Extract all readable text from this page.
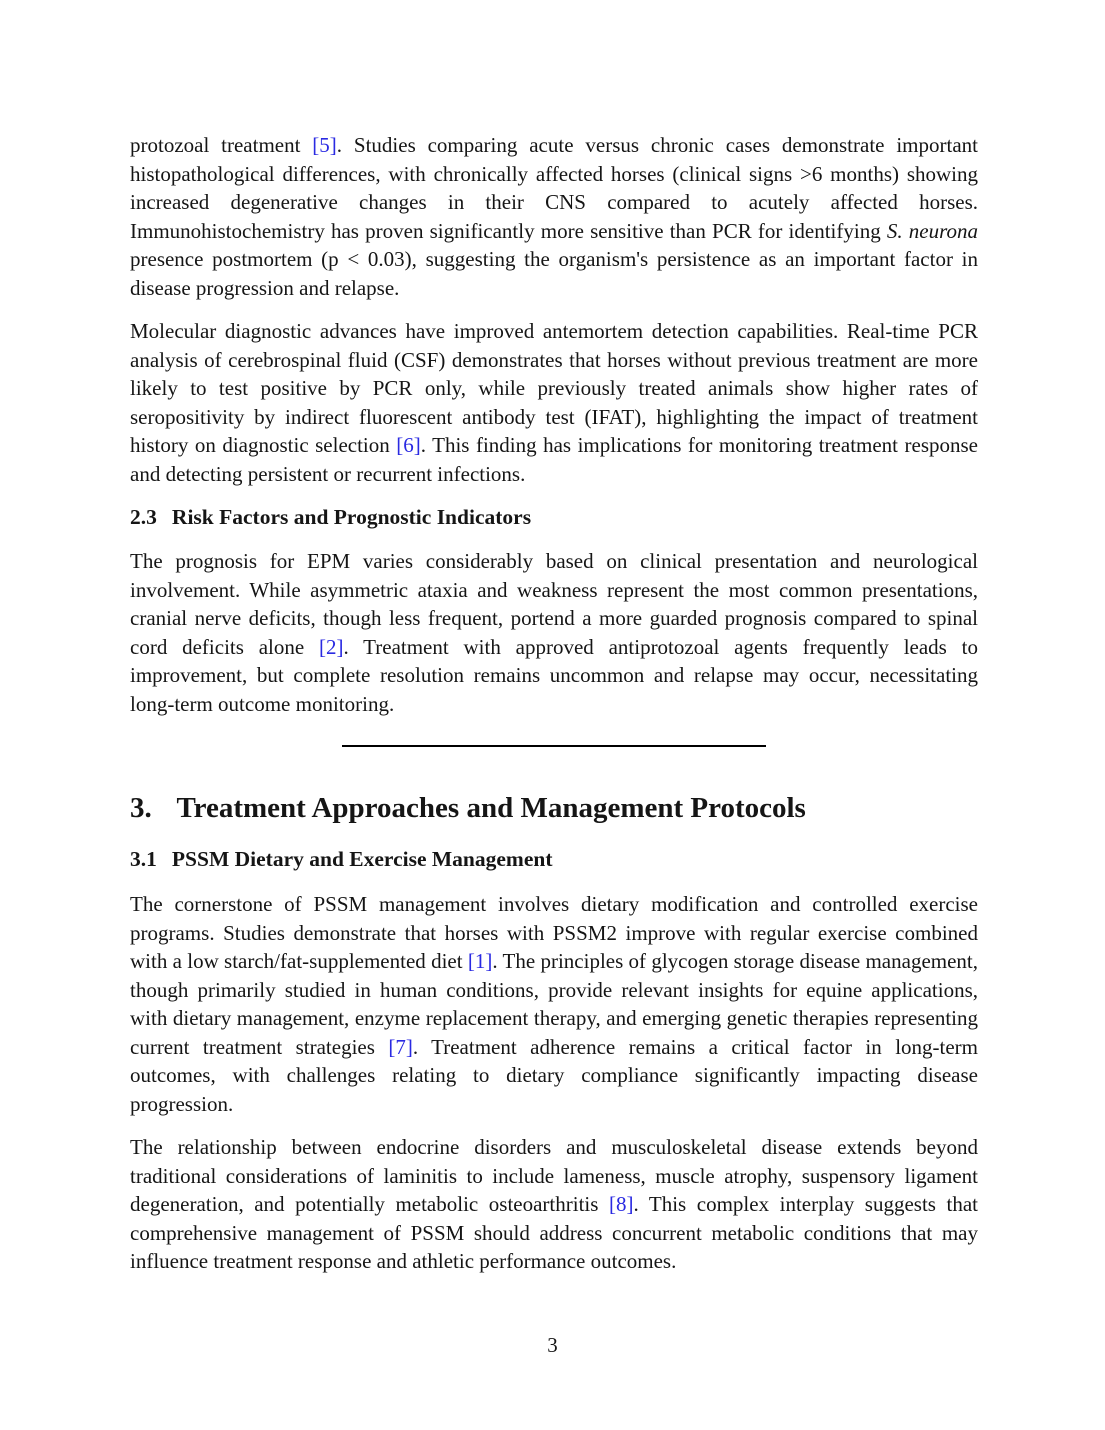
protozoal treatment [5]. Studies comparing acute versus chronic cases demonstrate important histopathological differences, with chronically affected horses (clinical signs >6 months) showing increased degenerative changes in their CNS compared to acutely affected horses. Immunohistochemistry has proven significantly more sensitive than PCR for identifying S. neurona presence postmortem (p < 0.03), suggesting the organism's persistence as an important factor in disease progression and relapse.

Molecular diagnostic advances have improved antemortem detection capabilities. Real-time PCR analysis of cerebrospinal fluid (CSF) demonstrates that horses without previous treatment are more likely to test positive by PCR only, while previously treated animals show higher rates of seropositivity by indirect fluorescent antibody test (IFAT), highlighting the impact of treatment history on diagnostic selection [6]. This finding has implications for monitoring treatment response and detecting persistent or recurrent infections.

2.3 Risk Factors and Prognostic Indicators

The prognosis for EPM varies considerably based on clinical presentation and neurological involvement. While asymmetric ataxia and weakness represent the most common presentations, cranial nerve deficits, though less frequent, portend a more guarded prognosis compared to spinal cord deficits alone [2]. Treatment with approved antiprotozoal agents frequently leads to improvement, but complete resolution remains uncommon and relapse may occur, necessitating long-term outcome monitoring.

3. Treatment Approaches and Management Protocols
3.1 PSSM Dietary and Exercise Management

The cornerstone of PSSM management involves dietary modification and controlled exercise programs. Studies demonstrate that horses with PSSM2 improve with regular exercise combined with a low starch/fat-supplemented diet [1]. The principles of glycogen storage disease management, though primarily studied in human conditions, provide relevant insights for equine applications, with dietary management, enzyme replacement therapy, and emerging genetic therapies representing current treatment strategies [7]. Treatment adherence remains a critical factor in long-term outcomes, with challenges relating to dietary compliance significantly impacting disease progression.

The relationship between endocrine disorders and musculoskeletal disease extends beyond traditional considerations of laminitis to include lameness, muscle atrophy, suspensory ligament degeneration, and potentially metabolic osteoarthritis [8]. This complex interplay suggests that comprehensive management of PSSM should address concurrent metabolic conditions that may influence treatment response and athletic performance outcomes.

3
